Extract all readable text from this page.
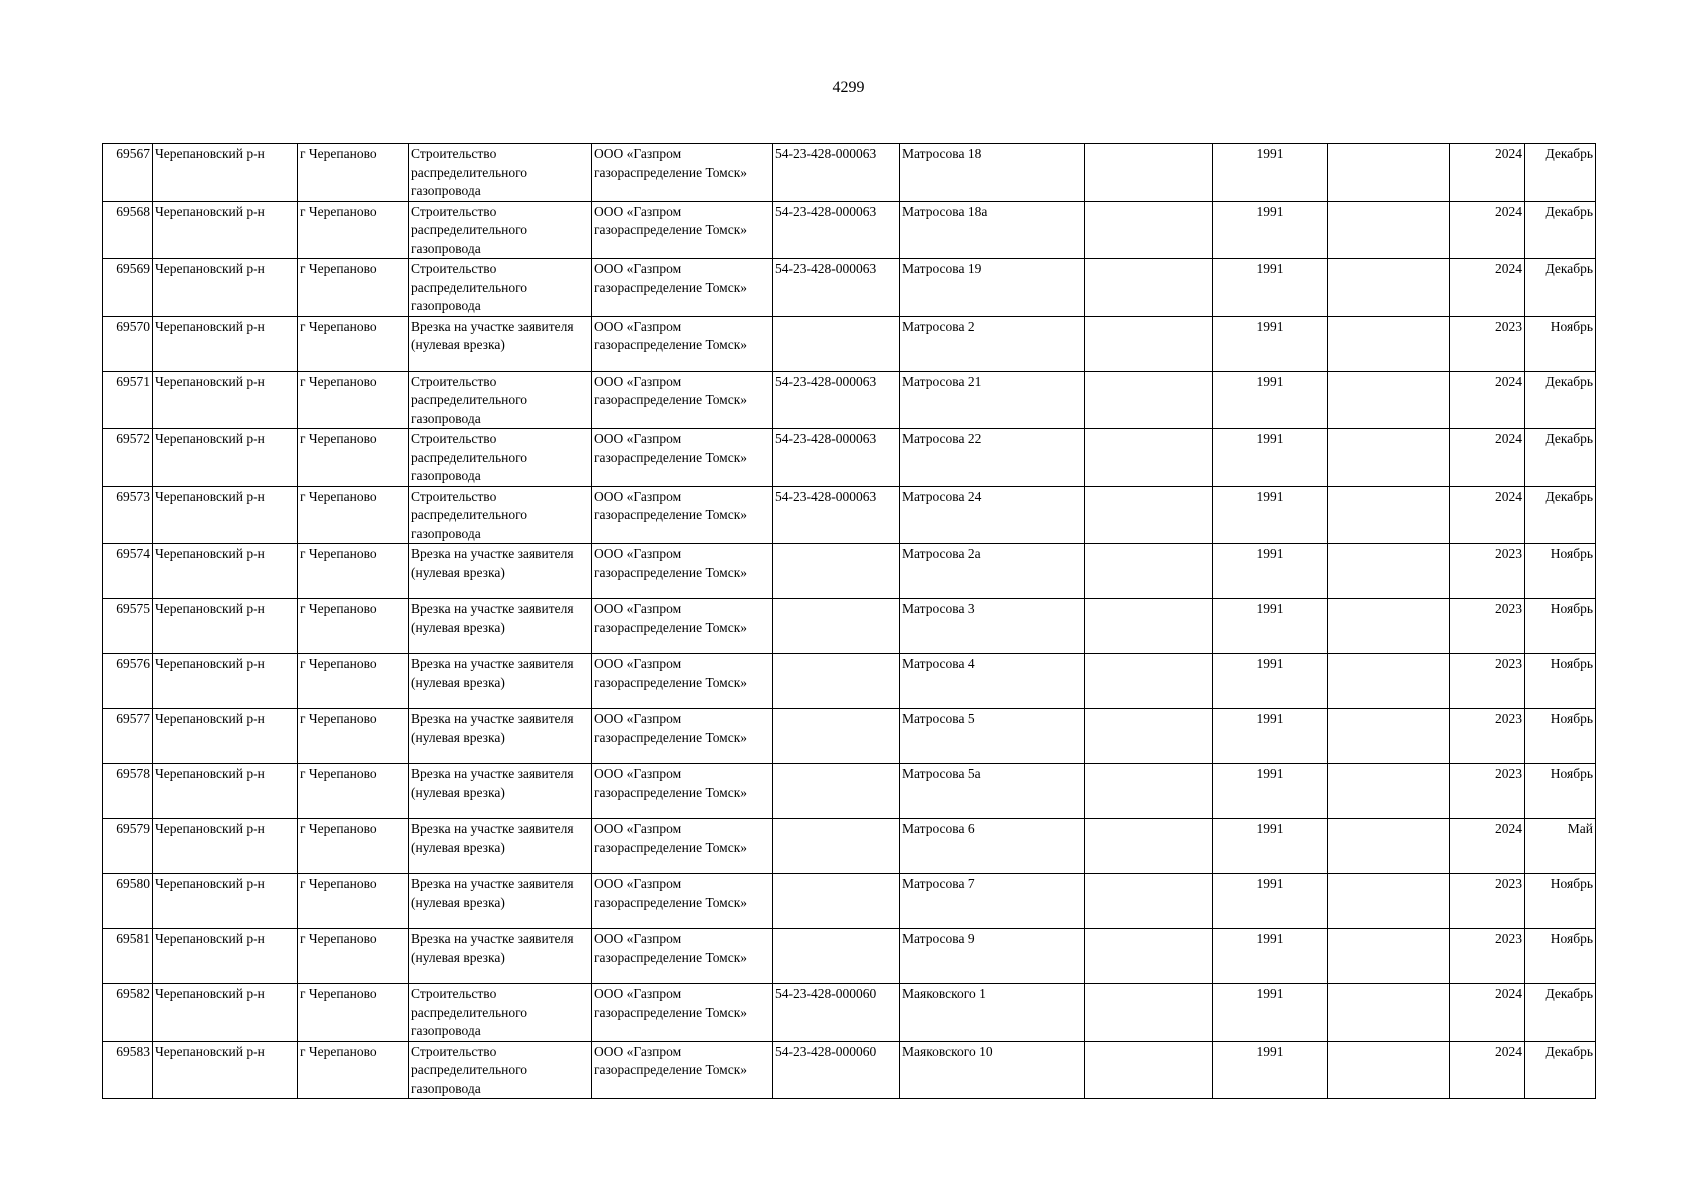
4299
69567	Черепановский р-н	г Черепаново	Строительство распределительного газопровода	ООО «Газпром газораспределение Томск»	54-23-428-000063	Матросова 18		1991		2024	Декабрь
69568	Черепановский р-н	г Черепаново	Строительство распределительного газопровода	ООО «Газпром газораспределение Томск»	54-23-428-000063	Матросова 18а		1991		2024	Декабрь
69569	Черепановский р-н	г Черепаново	Строительство распределительного газопровода	ООО «Газпром газораспределение Томск»	54-23-428-000063	Матросова 19		1991		2024	Декабрь
69570	Черепановский р-н	г Черепаново	Врезка на участке заявителя (нулевая врезка)	ООО «Газпром газораспределение Томск»		Матросова 2		1991		2023	Ноябрь
69571	Черепановский р-н	г Черепаново	Строительство распределительного газопровода	ООО «Газпром газораспределение Томск»	54-23-428-000063	Матросова 21		1991		2024	Декабрь
69572	Черепановский р-н	г Черепаново	Строительство распределительного газопровода	ООО «Газпром газораспределение Томск»	54-23-428-000063	Матросова 22		1991		2024	Декабрь
69573	Черепановский р-н	г Черепаново	Строительство распределительного газопровода	ООО «Газпром газораспределение Томск»	54-23-428-000063	Матросова 24		1991		2024	Декабрь
69574	Черепановский р-н	г Черепаново	Врезка на участке заявителя (нулевая врезка)	ООО «Газпром газораспределение Томск»		Матросова 2а		1991		2023	Ноябрь
69575	Черепановский р-н	г Черепаново	Врезка на участке заявителя (нулевая врезка)	ООО «Газпром газораспределение Томск»		Матросова 3		1991		2023	Ноябрь
69576	Черепановский р-н	г Черепаново	Врезка на участке заявителя (нулевая врезка)	ООО «Газпром газораспределение Томск»		Матросова 4		1991		2023	Ноябрь
69577	Черепановский р-н	г Черепаново	Врезка на участке заявителя (нулевая врезка)	ООО «Газпром газораспределение Томск»		Матросова 5		1991		2023	Ноябрь
69578	Черепановский р-н	г Черепаново	Врезка на участке заявителя (нулевая врезка)	ООО «Газпром газораспределение Томск»		Матросова 5а		1991		2023	Ноябрь
69579	Черепановский р-н	г Черепаново	Врезка на участке заявителя (нулевая врезка)	ООО «Газпром газораспределение Томск»		Матросова 6		1991		2024	Май
69580	Черепановский р-н	г Черепаново	Врезка на участке заявителя (нулевая врезка)	ООО «Газпром газораспределение Томск»		Матросова 7		1991		2023	Ноябрь
69581	Черепановский р-н	г Черепаново	Врезка на участке заявителя (нулевая врезка)	ООО «Газпром газораспределение Томск»		Матросова 9		1991		2023	Ноябрь
69582	Черепановский р-н	г Черепаново	Строительство распределительного газопровода	ООО «Газпром газораспределение Томск»	54-23-428-000060	Маяковского 1		1991		2024	Декабрь
69583	Черепановский р-н	г Черепаново	Строительство распределительного газопровода	ООО «Газпром газораспределение Томск»	54-23-428-000060	Маяковского 10		1991		2024	Декабрь
